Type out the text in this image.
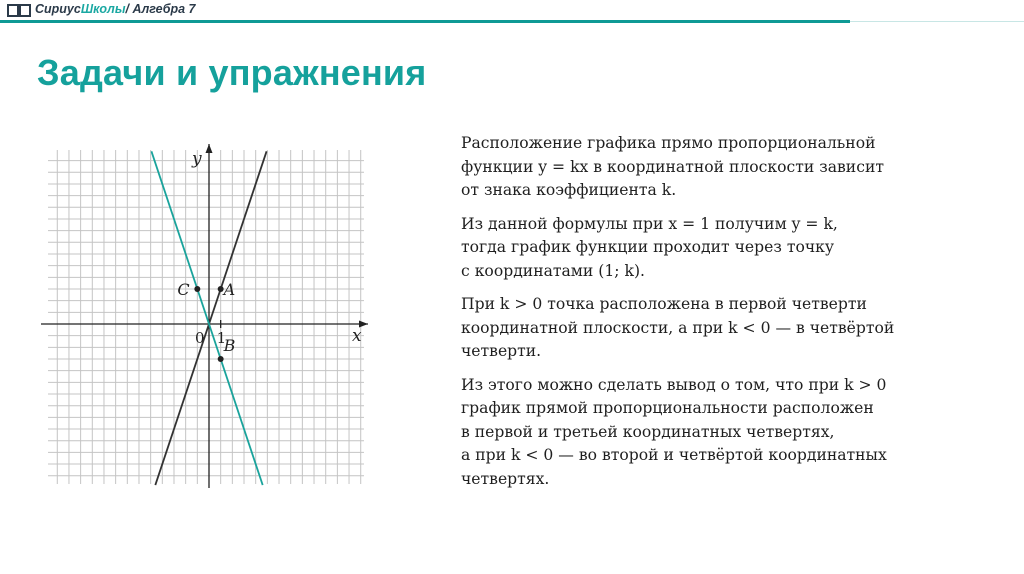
СириусШколы/ Алгебра 7
Задачи и упражнения
A
B
C
x
y
0 1

Расположение графика прямо пропорциональной
функции y = kx в координатной плоскости зависит
от знака коэффициента k.

Из данной формулы при x = 1 получим y = k,
тогда график функции проходит через точку
с координатами (1; k).

При k > 0 точка расположена в первой четверти
координатной плоскости, а при k < 0 — в четвёртой
четверти.

Из этого можно сделать вывод о том, что при k > 0
график прямой пропорциональности расположен
в первой и третьей координатных четвертях,
а при k < 0 — во второй и четвёртой координатных
четвертях.
